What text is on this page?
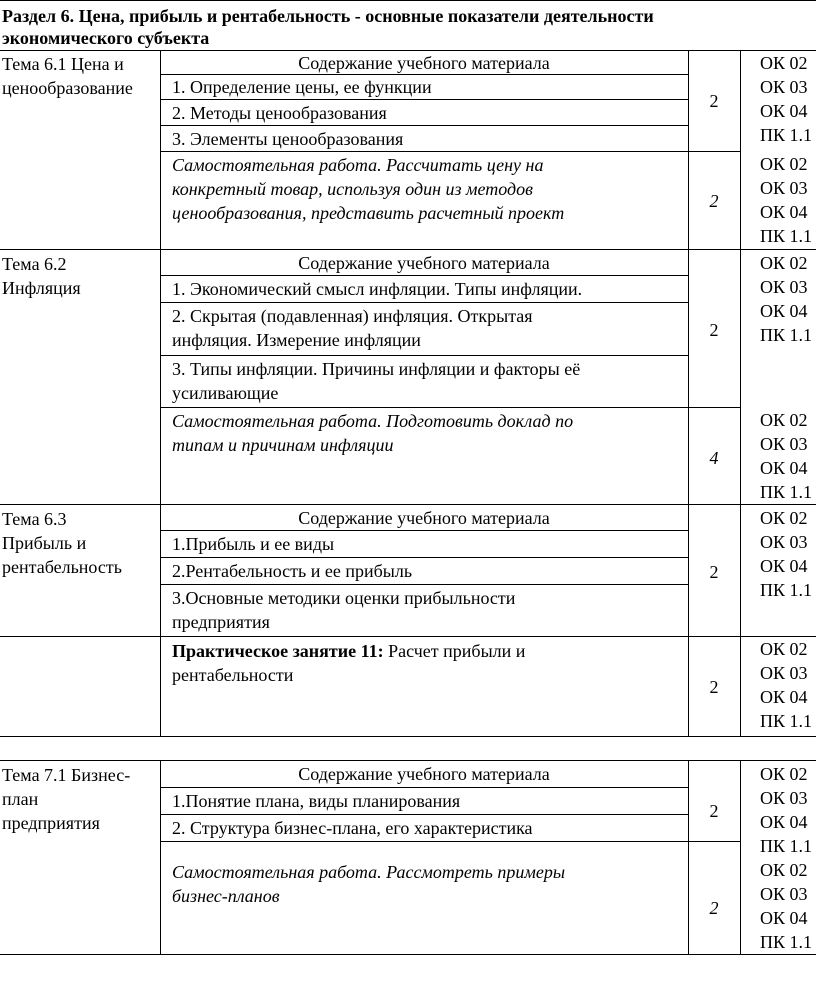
Раздел 6. Цена, прибыль и рентабельность - основные показатели деятельности
экономического субъекта
Тема 6.1 Цена и
ценообразование
Содержание учебного материала
1. Определение цены, ее функции
2. Методы ценообразования
3. Элементы ценообразования
2
Самостоятельная работа. Рассчитать цену на
конкретный товар, используя один из методов
ценообразования, представить расчетный проект
2
ОК 02
ОК 03
ОК 04
ПК 1.1
ОК 02
ОК 03
ОК 04
ПК 1.1
Тема 6.2
Инфляция
Содержание учебного материала
1. Экономический смысл инфляции. Типы инфляции.
2. Скрытая (подавленная) инфляция. Открытая
инфляция. Измерение инфляции
3. Типы инфляции. Причины инфляции и факторы её
усиливающие
2
Самостоятельная работа. Подготовить доклад по
типам и причинам инфляции
4
ОК 02
ОК 03
ОК 04
ПК 1.1
ОК 02
ОК 03
ОК 04
ПК 1.1
Тема 6.3
Прибыль и
рентабельность
Содержание учебного материала
1.Прибыль и ее виды
2.Рентабельность и ее прибыль
3.Основные методики оценки прибыльности
предприятия
2
Практическое занятие 11: Расчет прибыли и
рентабельности
2
ОК 02
ОК 03
ОК 04
ПК 1.1
ОК 02
ОК 03
ОК 04
ПК 1.1
Тема 7.1 Бизнес-
план
предприятия
Содержание учебного материала
1.Понятие плана, виды планирования
2. Структура бизнес-плана, его характеристика
2
Самостоятельная работа. Рассмотреть примеры
бизнес-планов
2
ОК 02
ОК 03
ОК 04
ПК 1.1
ОК 02
ОК 03
ОК 04
ПК 1.1
